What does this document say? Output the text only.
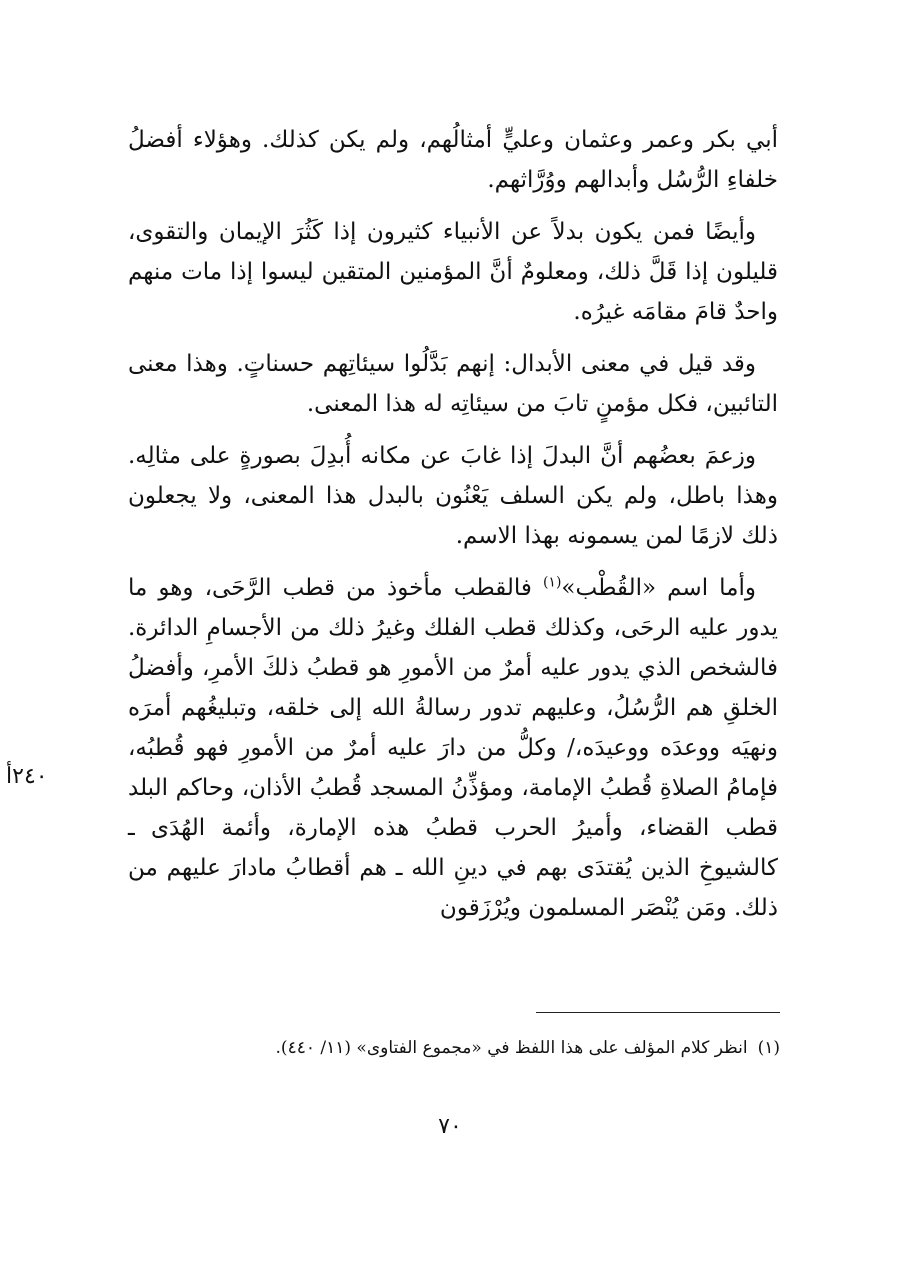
أبي بكر وعمر وعثمان وعليٍّ أمثالُهم، ولم يكن كذلك. وهؤلاء أفضلُ خلفاءِ الرُّسُل وأبدالهم ووُرَّاثهم.

وأيضًا فمن يكون بدلاً عن الأنبياء كثيرون إذا كَثُرَ الإيمان والتقوى، قليلون إذا قَلَّ ذلك، ومعلومٌ أنَّ المؤمنين المتقين ليسوا إذا مات منهم واحدٌ قامَ مقامَه غيرُه.

وقد قيل في معنى الأبدال: إنهم بَدَّلُوا سيئاتِهم حسناتٍ. وهذا معنى التائبين، فكل مؤمنٍ تابَ من سيئاتِه له هذا المعنى.

وزعمَ بعضُهم أنَّ البدلَ إذا غابَ عن مكانه أُبدِلَ بصورةٍ على مثالِه. وهذا باطل، ولم يكن السلف يَعْنُون بالبدل هذا المعنى، ولا يجعلون ذلك لازمًا لمن يسمونه بهذا الاسم.

وأما اسم «القُطْب»$^{(١)}$ فالقطب مأخوذ من قطب الرَّحَى، وهو ما يدور عليه الرحَى، وكذلك قطب الفلك وغيرُ ذلك من الأجسامِ الدائرة. فالشخص الذي يدور عليه أمرٌ من الأمورِ هو قطبُ ذلكَ الأمرِ، وأفضلُ الخلقِ هم الرُّسُلُ، وعليهم تدور رسالةُ الله إلى خلقه، وتبليغُهم أمرَه ونهيَه ووعدَه ووعيدَه،/ وكلُّ من دارَ عليه أمرٌ من الأمورِ فهو قُطبُه، فإمامُ الصلاةِ قُطبُ الإمامة، ومؤذِّنُ المسجد قُطبُ الأذان، وحاكم البلد قطب القضاء، وأميرُ الحرب قطبُ هذه الإمارة، وأئمة الهُدَى ـ كالشيوخِ الذين يُقتدَى بهم في دينِ الله ـ هم أقطابُ مادارَ عليهم من ذلك. ومَن يُنْصَر المسلمون ويُرْزَقون

٢٤٠أ
(١)انظر كلام المؤلف على هذا اللفظ في «مجموع الفتاوى» (١١/ ٤٤٠).
٧٠
